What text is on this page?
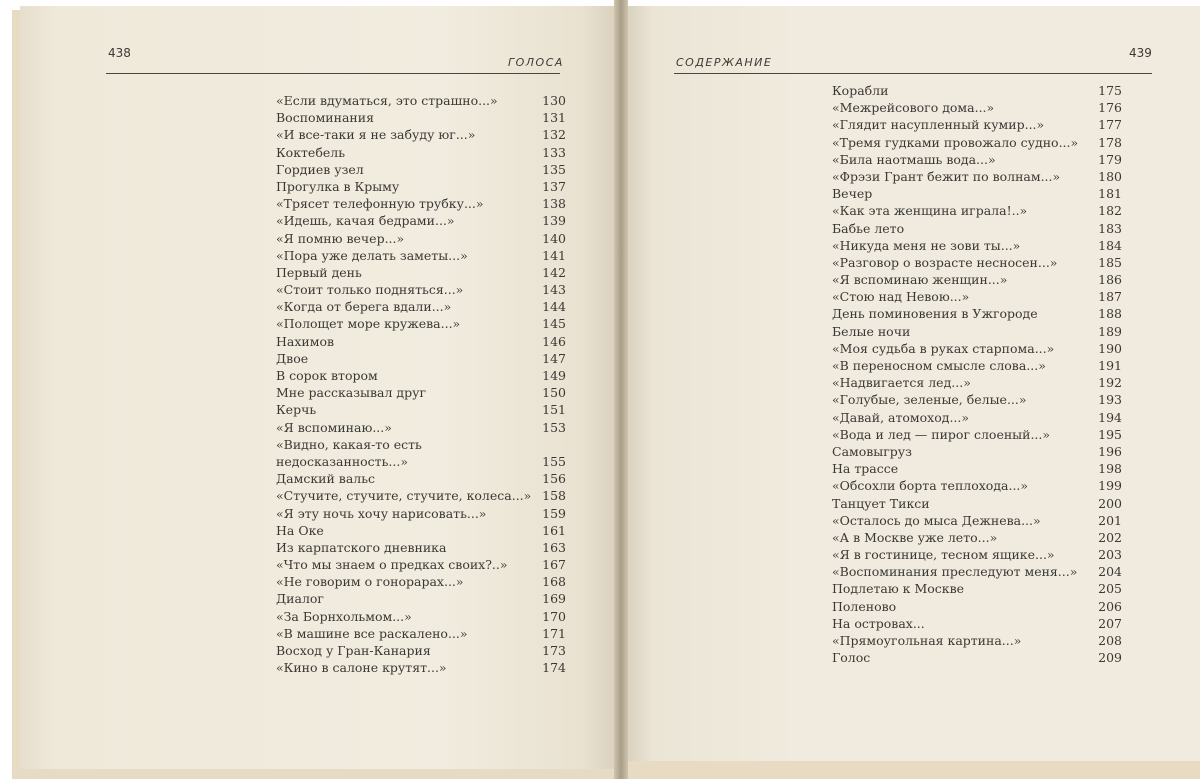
438
ГОЛОСА	СОДЕРЖАНИЕ
439
«Если вдуматься, это страшно...»	130
Воспоминания	131
«И все-таки я не забуду юг...»	132
Коктебель	133
Гордиев узел	135
Прогулка в Крыму	137
«Трясет телефонную трубку...»	138
«Идешь, качая бедрами...»	139
«Я помню вечер...»	140
«Пора уже делать заметы...»	141
Первый день	142
«Стоит только подняться...»	143
«Когда от берега вдали...»	144
«Полощет море кружева...»	145
Нахимов	146
Двое	147
В сорок втором	149
Мне рассказывал друг	150
Керчь	151
«Я вспоминаю...»	153
«Видно, какая-то есть
недосказанность...»	155
Дамский вальс	156
«Стучите, стучите, стучите, колеса...» 158
«Я эту ночь хочу нарисовать...»	159
На Оке	161
Из карпатского дневника	163
«Что мы знаем о предках своих?..»	167
«Не говорим о гонорарах...»	168
Диалог	169
«За Борнхольмом...»	170
«В машине все раскалено...»	171
Восход у Гран-Канария	173
«Кино в салоне крутят...»	174
Корабли	175
«Межрейсового дома...»	176
«Глядит насупленный кумир...»	177
«Тремя гудками провожало судно...» 178
«Била наотмашь вода...»	179
«Фрэзи Грант бежит по волнам...»	180
Вечер	181
«Как эта женщина играла!..»	182
Бабье лето	183
«Никуда меня не зови ты...»	184
«Разговор о возрасте несносен...»	185
«Я вспоминаю женщин...»	186
«Стою над Невою...»	187
День поминовения в Ужгороде	188
Белые ночи	189
«Моя судьба в руках старпома...»	190
«В переносном смысле слова...»	191
«Надвигается лед...»	192
«Голубые, зеленые, белые...»	193
«Давай, атомоход...»	194
«Вода и лед — пирог слоеный...»	195
Самовыгруз	196
На трассе	198
«Обсохли борта теплохода...»	199
Танцует Тикси	200
«Осталось до мыса Дежнева...»	201
«А в Москве уже лето...»	202
«Я в гостинице, тесном ящике...»	203
«Воспоминания преследуют меня...» 204
Подлетаю к Москве	205
Поленово	206
На островах...	207
«Прямоугольная картина...»	208
Голос	209
